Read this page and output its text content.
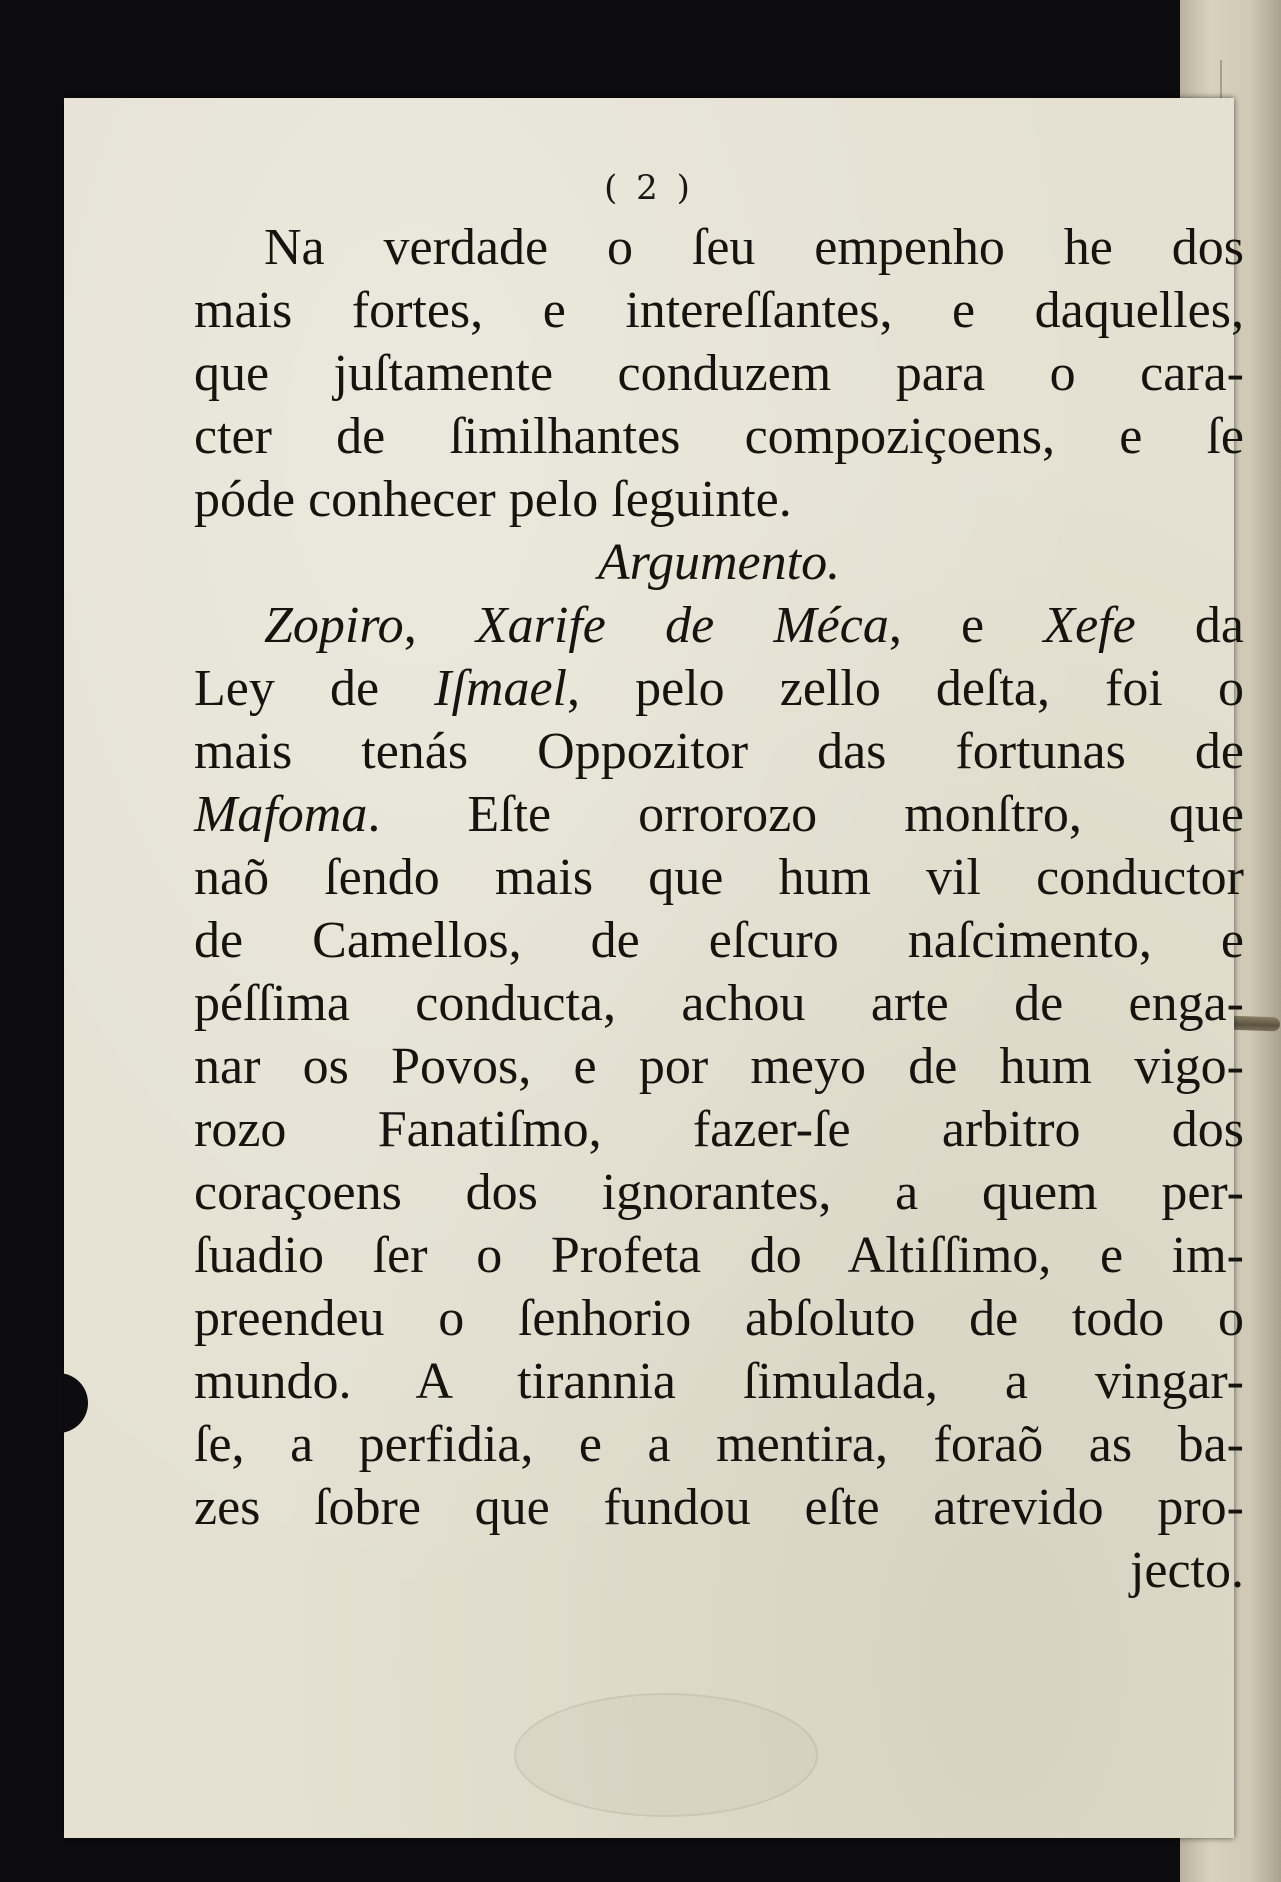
( 2 )
Na verdade o ſeu empenho he dos
mais fortes, e intereſſantes, e daquelles,
que juſtamente conduzem para o cara-
cter de ſimilhantes compoziçoens, e ſe
póde conhecer pelo ſeguinte.
Argumento.
Zopiro, Xarife de Méca, e Xefe da
Ley de Iſmael, pelo zello deſta, foi o
mais tenás Oppozitor das fortunas de
Mafoma. Eſte orrorozo monſtro, que
naõ ſendo mais que hum vil conductor
de Camellos, de eſcuro naſcimento, e
péſſima conducta, achou arte de enga-
nar os Povos, e por meyo de hum vigo-
rozo Fanatiſmo, fazer-ſe arbitro dos
coraçoens dos ignorantes, a quem per-
ſuadio ſer o Profeta do Altiſſimo, e im-
preendeu o ſenhorio abſoluto de todo o
mundo. A tirannia ſimulada, a vingar-
ſe, a perfidia, e a mentira, foraõ as ba-
zes ſobre que fundou eſte atrevido pro-
jecto.
